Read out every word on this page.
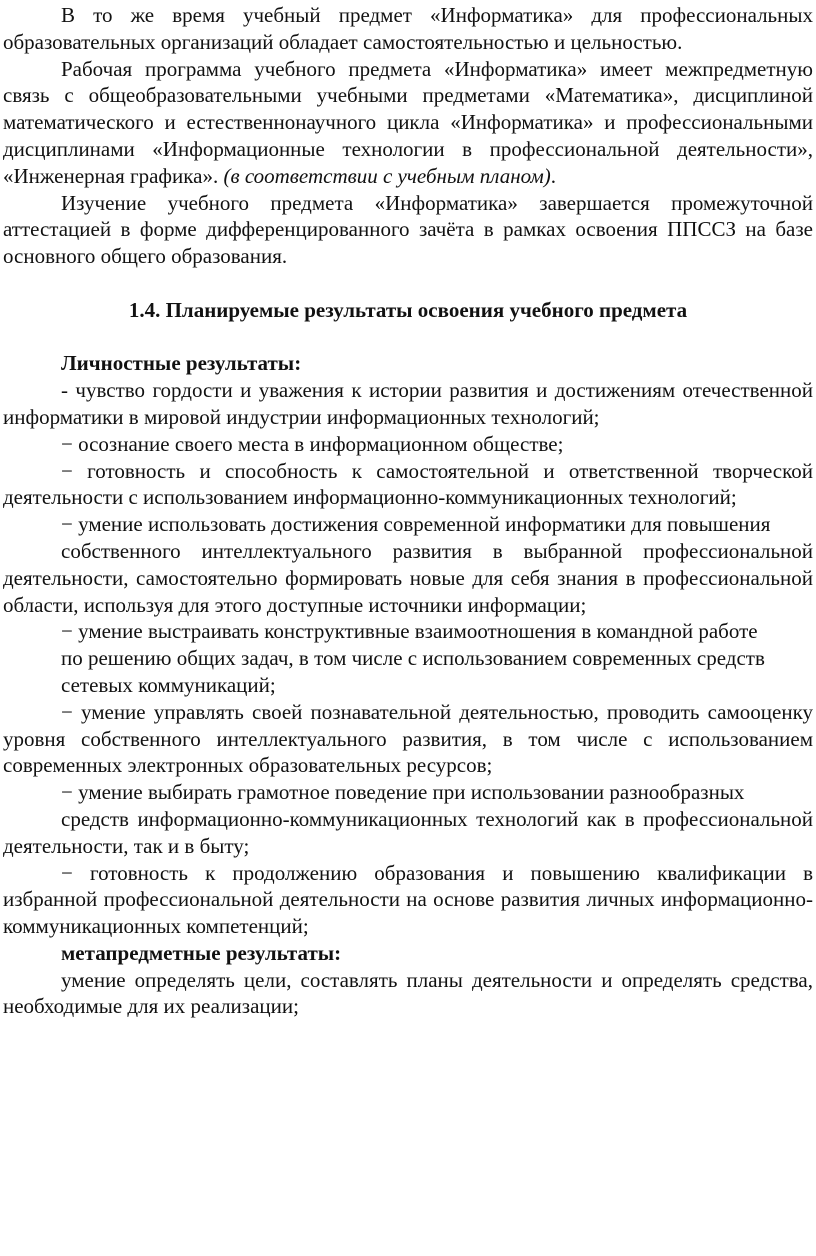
В то же время учебный предмет «Информатика» для профессиональных образовательных организаций обладает самостоятельностью и цельностью.

Рабочая программа учебного предмета «Информатика» имеет межпредметную связь с общеобразовательными учебными предметами «Математика», дисциплиной математического и естественнонаучного цикла «Информатика» и профессиональными дисциплинами «Информационные технологии в профессиональной деятельности», «Инженерная графика». (в соответствии с учебным планом).

Изучение учебного предмета «Информатика» завершается промежуточной аттестацией в форме дифференцированного зачёта в рамках освоения ППССЗ на базе основного общего образования.

1.4. Планируемые результаты освоения учебного предмета

Личностные результаты:

- чувство гордости и уважения к истории развития и достижениям отечественной информатики в мировой индустрии информационных технологий;

− осознание своего места в информационном обществе;

− готовность и способность к самостоятельной и ответственной творческой деятельности с использованием информационно-коммуникационных технологий;

− умение использовать достижения современной информатики для повышения

собственного интеллектуального развития в выбранной профессиональной деятельности, самостоятельно формировать новые для себя знания в профессиональной области, используя для этого доступные источники информации;

− умение выстраивать конструктивные взаимоотношения в командной работе

по решению общих задач, в том числе с использованием современных средств

сетевых коммуникаций;

− умение управлять своей познавательной деятельностью, проводить самооценку уровня собственного интеллектуального развития, в том числе с использованием современных электронных образовательных ресурсов;

− умение выбирать грамотное поведение при использовании разнообразных

средств информационно-коммуникационных технологий как в профессиональной деятельности, так и в быту;

− готовность к продолжению образования и повышению квалификации в избранной профессиональной деятельности на основе развития личных информационно-коммуникационных компетенций;

метапредметные результаты:

умение определять цели, составлять планы деятельности и определять средства, необходимые для их реализации;
